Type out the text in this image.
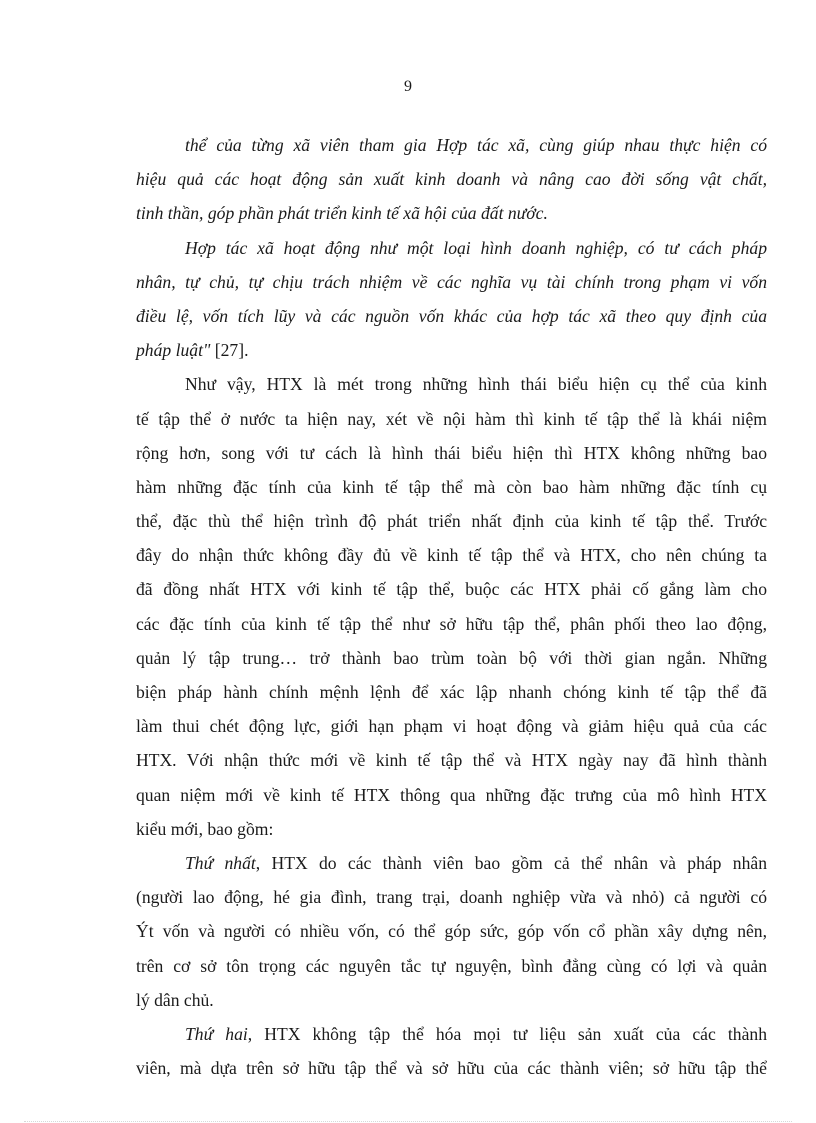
9
thể của từng xã viên tham gia Hợp tác xã, cùng giúp nhau thực hiện có
hiệu quả các hoạt động sản xuất kinh doanh và nâng cao đời sống vật chất,
tinh thần, góp phần phát triển kinh tế xã hội của đất nước.
Hợp tác xã hoạt động như một loại hình doanh nghiệp, có tư cách pháp
nhân, tự chủ, tự chịu trách nhiệm về các nghĩa vụ tài chính trong phạm vi vốn
điều lệ, vốn tích lũy và các nguồn vốn khác của hợp tác xã theo quy định của
pháp luật" [27].
Như vậy, HTX là mét trong những hình thái biểu hiện cụ thể của kinh
tế tập thể ở nước ta hiện nay, xét về nội hàm thì kinh tế tập thể là khái niệm
rộng hơn, song với tư cách là hình thái biểu hiện thì HTX không những bao
hàm những đặc tính của kinh tế tập thể mà còn bao hàm những đặc tính cụ
thể, đặc thù thể hiện trình độ phát triển nhất định của kinh tế tập thể. Trước
đây do nhận thức không đầy đủ về kinh tế tập thể và HTX, cho nên chúng ta
đã đồng nhất HTX với kinh tế tập thể, buộc các HTX phải cố gắng làm cho
các đặc tính của kinh tế tập thể như sở hữu tập thể, phân phối theo lao động,
quản lý tập trung… trở thành bao trùm toàn bộ với thời gian ngắn. Những
biện pháp hành chính mệnh lệnh để xác lập nhanh chóng kinh tế tập thể đã
làm thui chét động lực, giới hạn phạm vi hoạt động và giảm hiệu quả của các
HTX. Với nhận thức mới về kinh tế tập thể và HTX ngày nay đã hình thành
quan niệm mới về kinh tế HTX thông qua những đặc trưng của mô hình HTX
kiểu mới, bao gồm:
Thứ nhất, HTX do các thành viên bao gồm cả thể nhân và pháp nhân
(người lao động, hé gia đình, trang trại, doanh nghiệp vừa và nhỏ) cả người có
Ýt vốn và người có nhiều vốn, có thể góp sức, góp vốn cổ phần xây dựng nên,
trên cơ sở tôn trọng các nguyên tắc tự nguyện, bình đẳng cùng có lợi và quản
lý dân chủ.
Thứ hai, HTX không tập thể hóa mọi tư liệu sản xuất của các thành
viên, mà dựa trên sở hữu tập thể và sở hữu của các thành viên; sở hữu tập thể
